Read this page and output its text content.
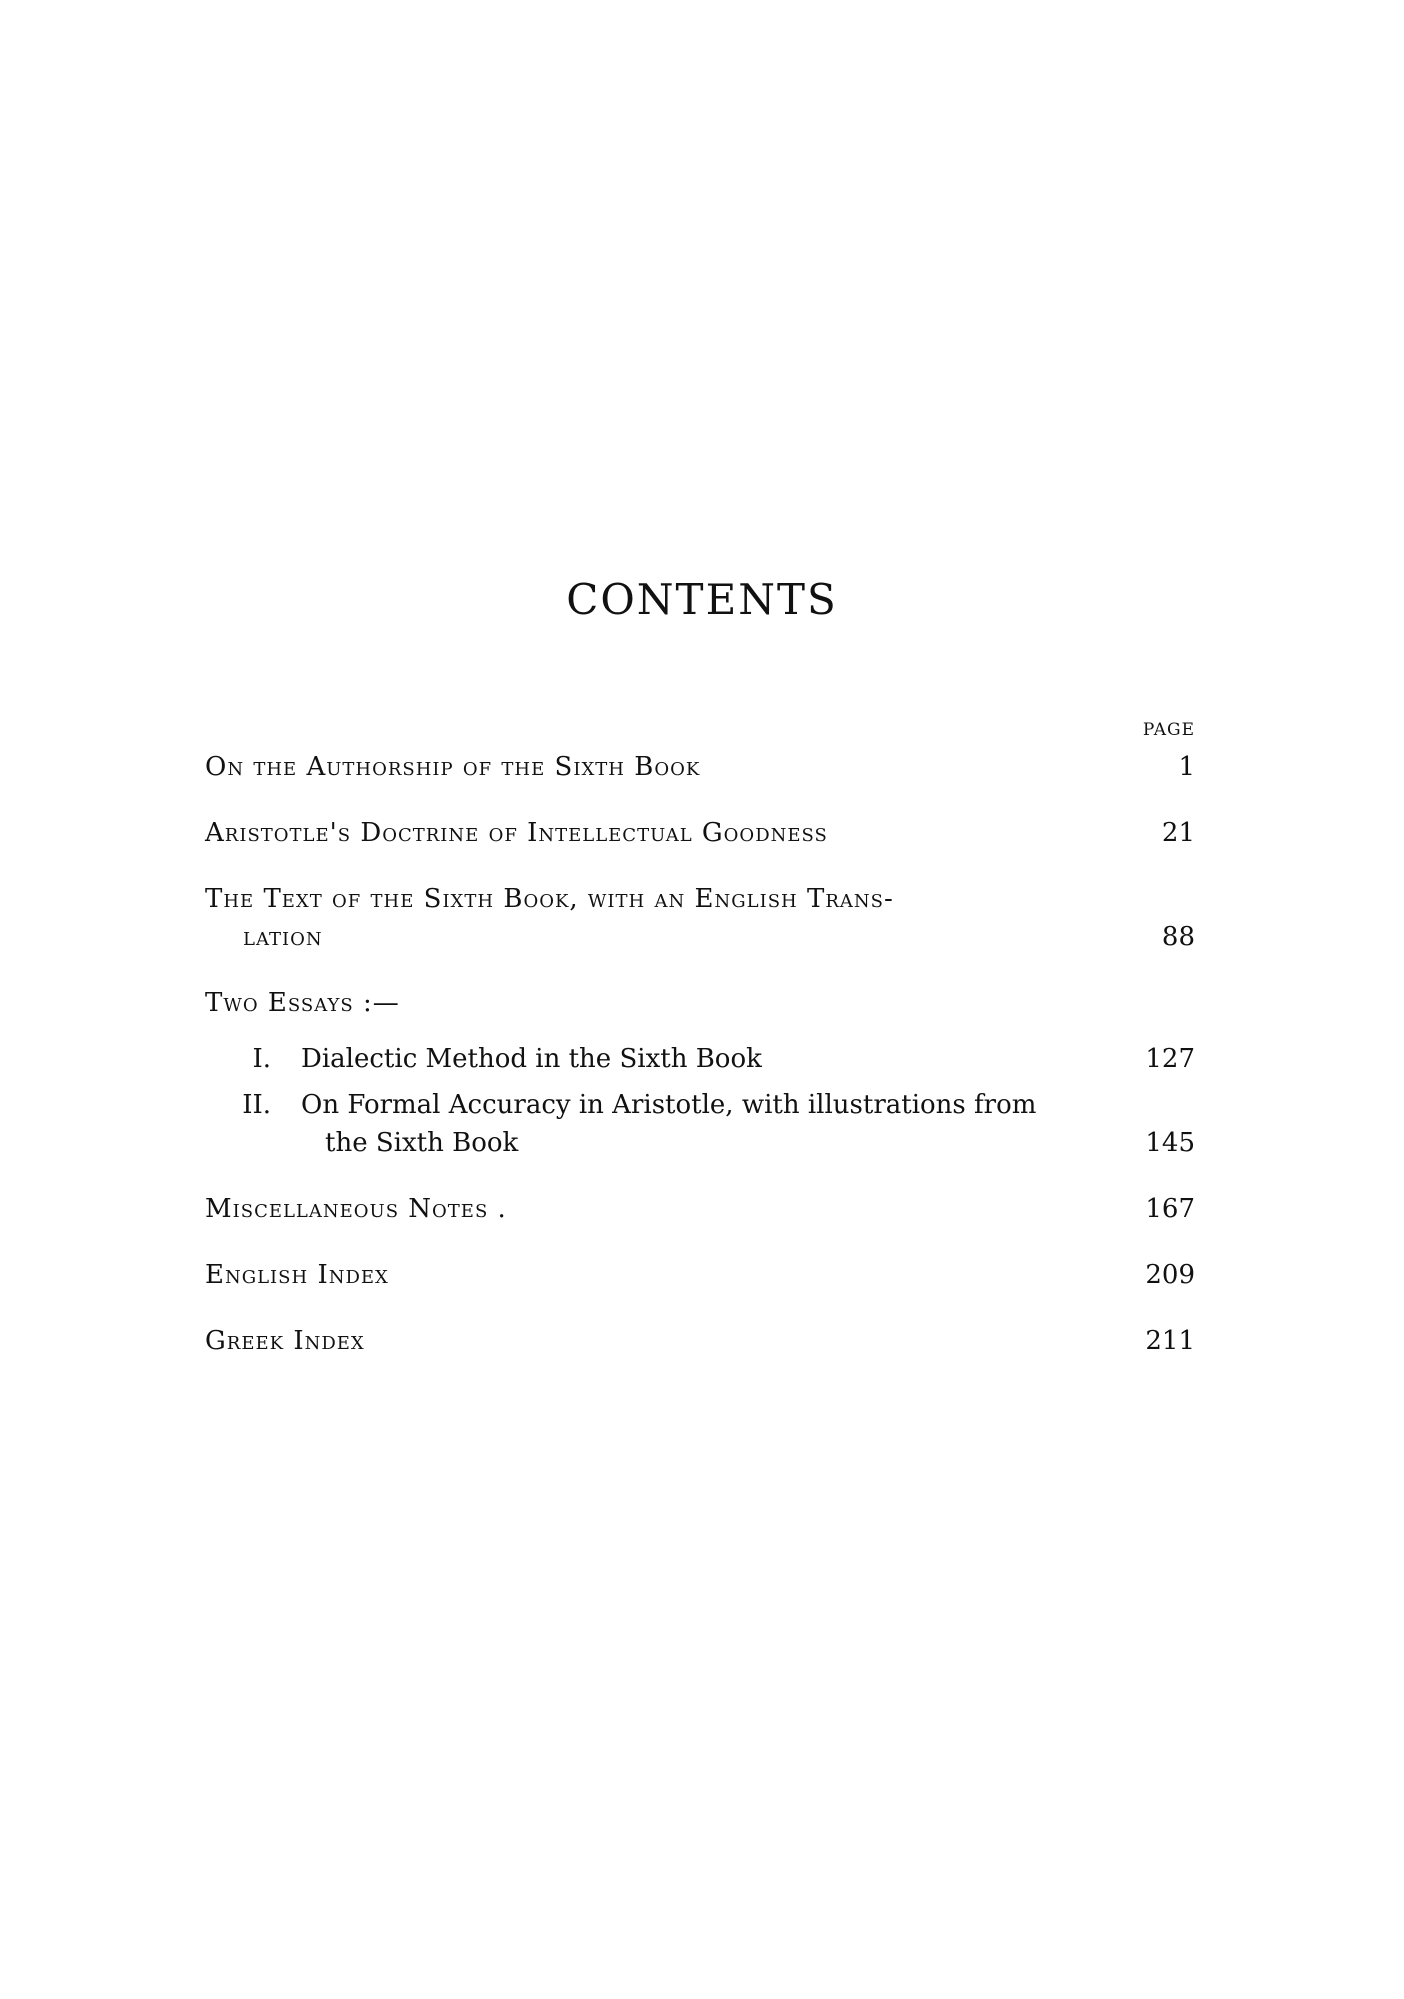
CONTENTS
PAGE
On the Authorship of the Sixth Book	1
Aristotle's Doctrine of Intellectual Goodness	21
The Text of the Sixth Book, with an English Trans-
lation	88
Two Essays :—
I.	Dialectic Method in the Sixth Book	127
II.	On Formal Accuracy in Aristotle, with illustrations from
the Sixth Book	145
Miscellaneous Notes .	167
English Index	209
Greek Index	211
